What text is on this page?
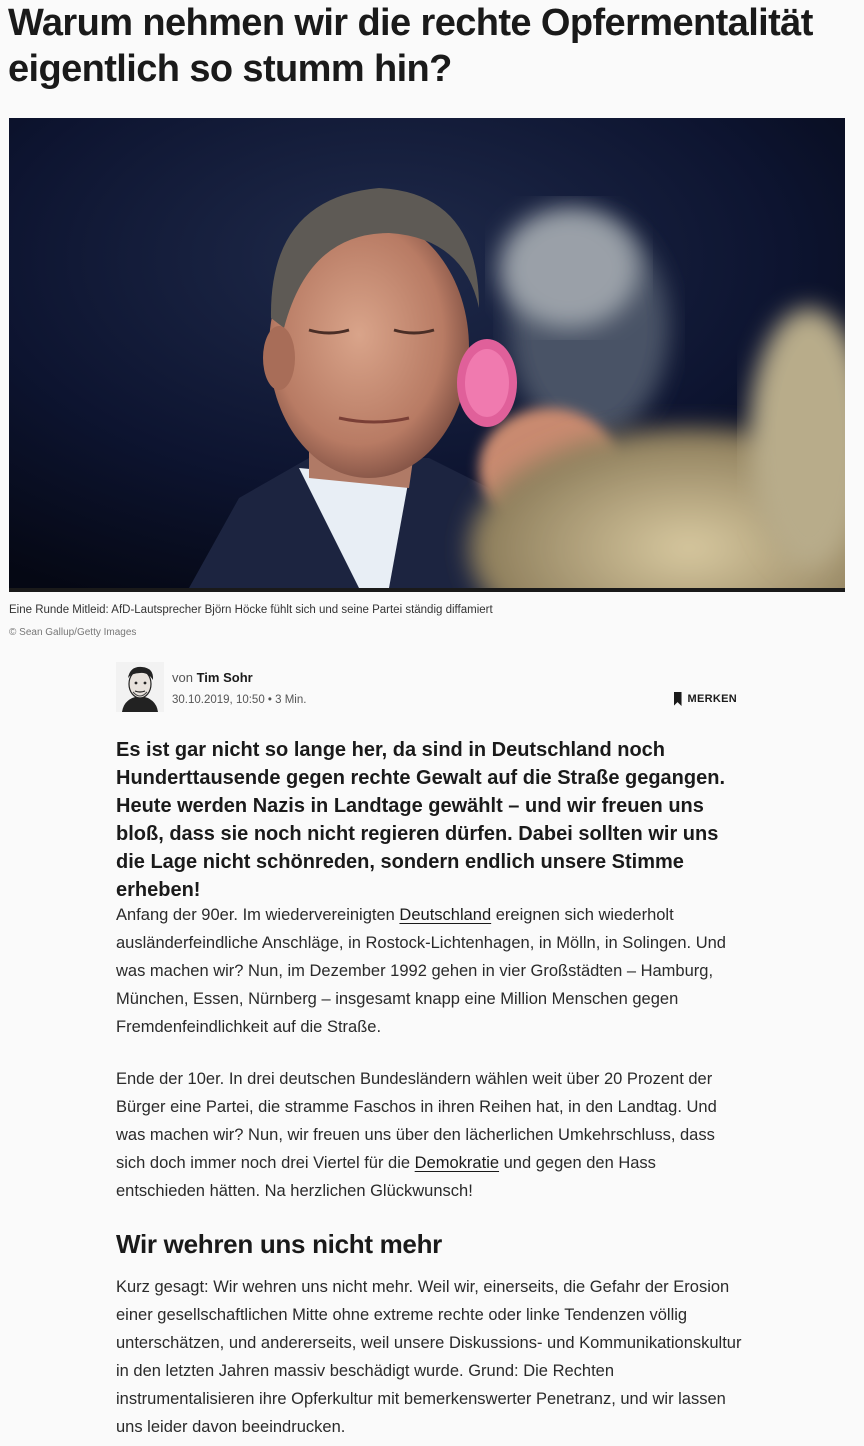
Warum nehmen wir die rechte Opfermentalität eigentlich so stumm hin?
Eine Runde Mitleid: AfD-Lautsprecher Björn Höcke fühlt sich und seine Partei ständig diffamiert
© Sean Gallup/Getty Images
von Tim Sohr
30.10.2019, 10:50 • 3 Min.	MERKEN

Es ist gar nicht so lange her, da sind in Deutschland noch Hunderttausende gegen rechte Gewalt auf die Straße gegangen. Heute werden Nazis in Landtage gewählt – und wir freuen uns bloß, dass sie noch nicht regieren dürfen. Dabei sollten wir uns die Lage nicht schönreden, sondern endlich unsere Stimme erheben!

Anfang der 90er. Im wiedervereinigten Deutschland ereignen sich wiederholt ausländerfeindliche Anschläge, in Rostock-Lichtenhagen, in Mölln, in Solingen. Und was machen wir? Nun, im Dezember 1992 gehen in vier Großstädten – Hamburg, München, Essen, Nürnberg – insgesamt knapp eine Million Menschen gegen Fremdenfeindlichkeit auf die Straße.

Ende der 10er. In drei deutschen Bundesländern wählen weit über 20 Prozent der Bürger eine Partei, die stramme Faschos in ihren Reihen hat, in den Landtag. Und was machen wir? Nun, wir freuen uns über den lächerlichen Umkehrschluss, dass sich doch immer noch drei Viertel für die Demokratie und gegen den Hass entschieden hätten. Na herzlichen Glückwunsch!

Wir wehren uns nicht mehr

Kurz gesagt: Wir wehren uns nicht mehr. Weil wir, einerseits, die Gefahr der Erosion einer gesellschaftlichen Mitte ohne extreme rechte oder linke Tendenzen völlig unterschätzen, und andererseits, weil unsere Diskussions- und Kommunikationskultur in den letzten Jahren massiv beschädigt wurde. Grund: Die Rechten instrumentalisieren ihre Opferkultur mit bemerkenswerter Penetranz, und wir lassen uns leider davon beeindrucken.
